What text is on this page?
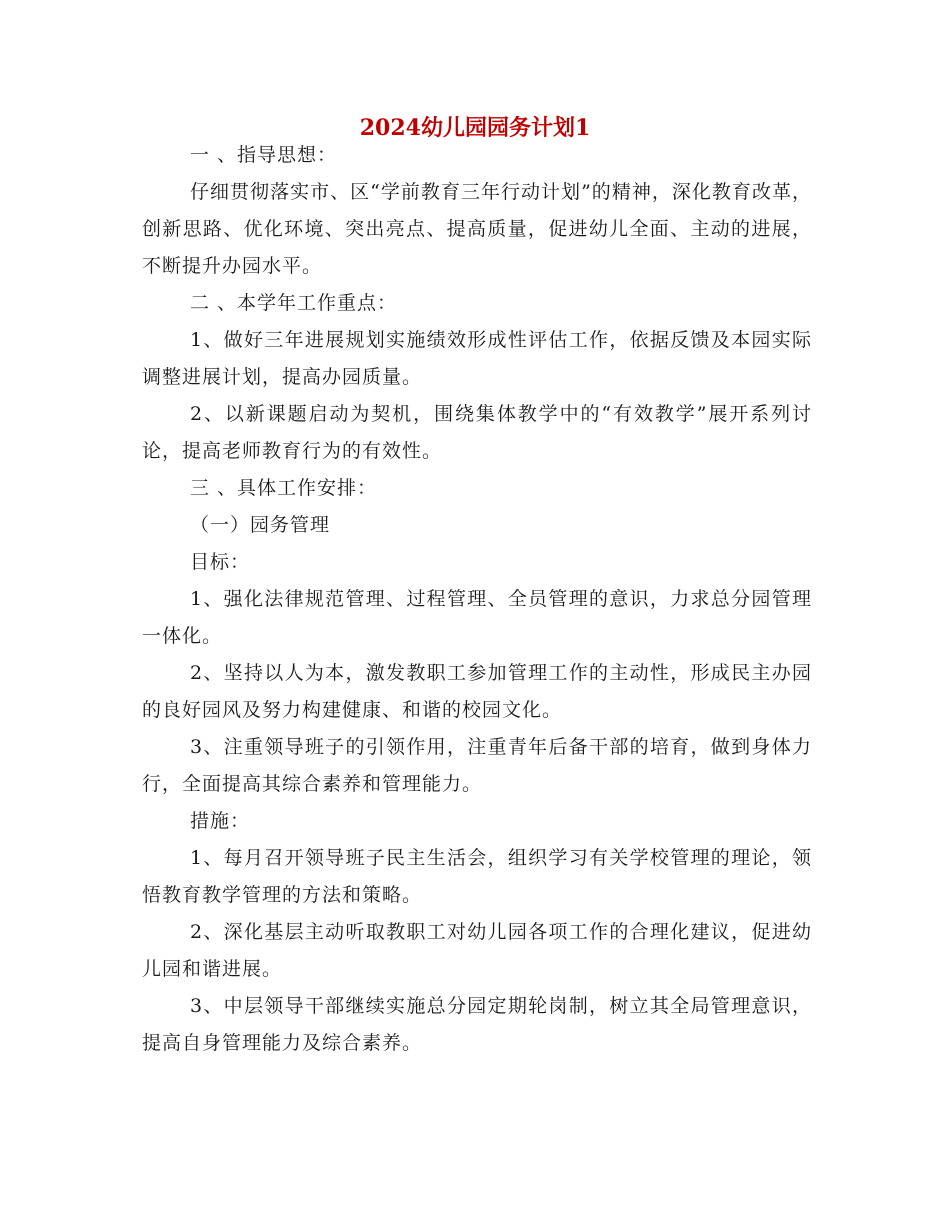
2024幼儿园园务计划1

一 、指导思想：

仔细贯彻落实市、区“学前教育三年行动计划”的精神，深化教育改革，创新思路、优化环境、突出亮点、提高质量，促进幼儿全面、主动的进展，不断提升办园水平。

二 、本学年工作重点：

1、做好三年进展规划实施绩效形成性评估工作，依据反馈及本园实际调整进展计划，提高办园质量。

2、以新课题启动为契机，围绕集体教学中的“有效教学”展开系列讨论，提高老师教育行为的有效性。

三 、具体工作安排：

（一）园务管理

目标：

1、强化法律规范管理、过程管理、全员管理的意识，力求总分园管理一体化。

2、坚持以人为本，激发教职工参加管理工作的主动性，形成民主办园的良好园风及努力构建健康、和谐的校园文化。

3、注重领导班子的引领作用，注重青年后备干部的培育，做到身体力行，全面提高其综合素养和管理能力。

措施：

1、每月召开领导班子民主生活会，组织学习有关学校管理的理论，领悟教育教学管理的方法和策略。

2、深化基层主动听取教职工对幼儿园各项工作的合理化建议，促进幼儿园和谐进展。

3、中层领导干部继续实施总分园定期轮岗制，树立其全局管理意识，提高自身管理能力及综合素养。
